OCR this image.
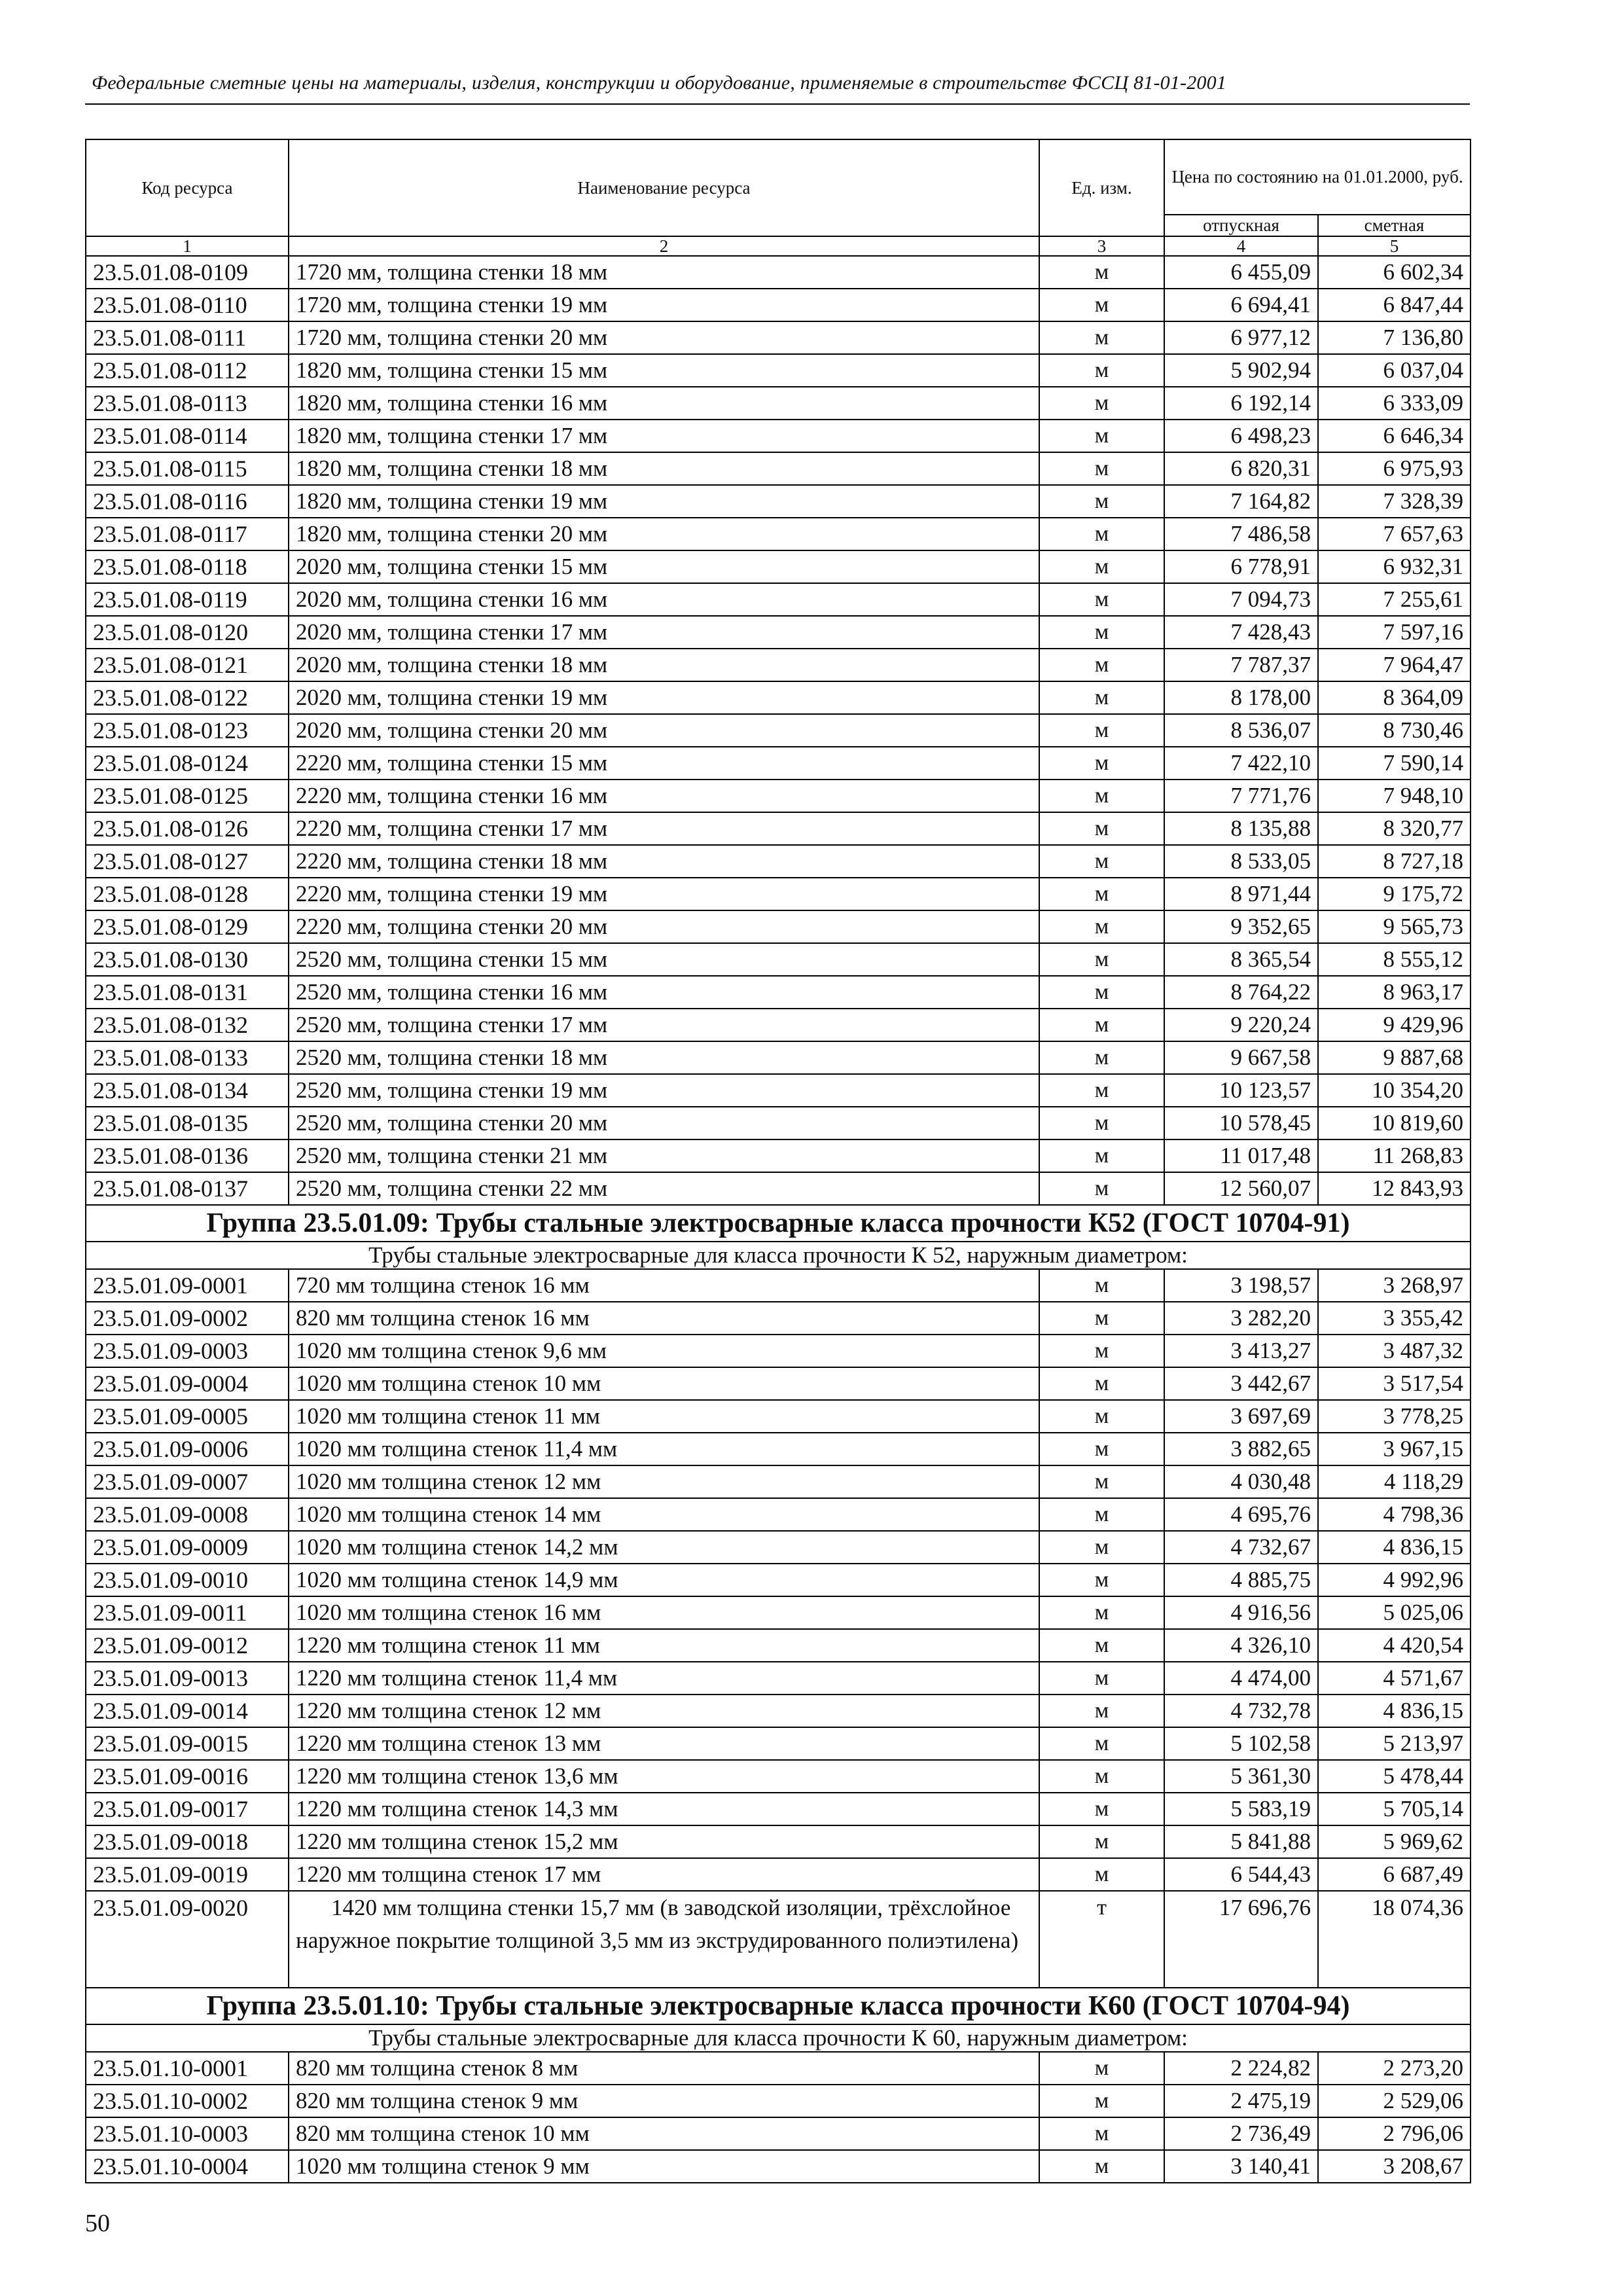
Федеральные сметные цены на материалы, изделия, конструкции и оборудование, применяемые в строительстве ФССЦ 81-01-2001
Код ресурса	Наименование ресурса	Ед. изм.	Цена по состоянию на 01.01.2000, руб.	
			отпускная	сметная
1	2	3	4	5
23.5.01.08-0109	1720 мм, толщина стенки 18 мм	м	6 455,09	6 602,34
23.5.01.08-0110	1720 мм, толщина стенки 19 мм	м	6 694,41	6 847,44
23.5.01.08-0111	1720 мм, толщина стенки 20 мм	м	6 977,12	7 136,80
23.5.01.08-0112	1820 мм, толщина стенки 15 мм	м	5 902,94	6 037,04
23.5.01.08-0113	1820 мм, толщина стенки 16 мм	м	6 192,14	6 333,09
23.5.01.08-0114	1820 мм, толщина стенки 17 мм	м	6 498,23	6 646,34
23.5.01.08-0115	1820 мм, толщина стенки 18 мм	м	6 820,31	6 975,93
23.5.01.08-0116	1820 мм, толщина стенки 19 мм	м	7 164,82	7 328,39
23.5.01.08-0117	1820 мм, толщина стенки 20 мм	м	7 486,58	7 657,63
23.5.01.08-0118	2020 мм, толщина стенки 15 мм	м	6 778,91	6 932,31
23.5.01.08-0119	2020 мм, толщина стенки 16 мм	м	7 094,73	7 255,61
23.5.01.08-0120	2020 мм, толщина стенки 17 мм	м	7 428,43	7 597,16
23.5.01.08-0121	2020 мм, толщина стенки 18 мм	м	7 787,37	7 964,47
23.5.01.08-0122	2020 мм, толщина стенки 19 мм	м	8 178,00	8 364,09
23.5.01.08-0123	2020 мм, толщина стенки 20 мм	м	8 536,07	8 730,46
23.5.01.08-0124	2220 мм, толщина стенки 15 мм	м	7 422,10	7 590,14
23.5.01.08-0125	2220 мм, толщина стенки 16 мм	м	7 771,76	7 948,10
23.5.01.08-0126	2220 мм, толщина стенки 17 мм	м	8 135,88	8 320,77
23.5.01.08-0127	2220 мм, толщина стенки 18 мм	м	8 533,05	8 727,18
23.5.01.08-0128	2220 мм, толщина стенки 19 мм	м	8 971,44	9 175,72
23.5.01.08-0129	2220 мм, толщина стенки 20 мм	м	9 352,65	9 565,73
23.5.01.08-0130	2520 мм, толщина стенки 15 мм	м	8 365,54	8 555,12
23.5.01.08-0131	2520 мм, толщина стенки 16 мм	м	8 764,22	8 963,17
23.5.01.08-0132	2520 мм, толщина стенки 17 мм	м	9 220,24	9 429,96
23.5.01.08-0133	2520 мм, толщина стенки 18 мм	м	9 667,58	9 887,68
23.5.01.08-0134	2520 мм, толщина стенки 19 мм	м	10 123,57	10 354,20
23.5.01.08-0135	2520 мм, толщина стенки 20 мм	м	10 578,45	10 819,60
23.5.01.08-0136	2520 мм, толщина стенки 21 мм	м	11 017,48	11 268,83
23.5.01.08-0137	2520 мм, толщина стенки 22 мм	м	12 560,07	12 843,93
Группа 23.5.01.09: Трубы стальные электросварные класса прочности К52 (ГОСТ 10704-91)				
Трубы стальные электросварные для класса прочности К 52, наружным диаметром:				
23.5.01.09-0001	720 мм толщина стенок 16 мм	м	3 198,57	3 268,97
23.5.01.09-0002	820 мм толщина стенок 16 мм	м	3 282,20	3 355,42
23.5.01.09-0003	1020 мм толщина стенок 9,6 мм	м	3 413,27	3 487,32
23.5.01.09-0004	1020 мм толщина стенок 10 мм	м	3 442,67	3 517,54
23.5.01.09-0005	1020 мм толщина стенок 11 мм	м	3 697,69	3 778,25
23.5.01.09-0006	1020 мм толщина стенок 11,4 мм	м	3 882,65	3 967,15
23.5.01.09-0007	1020 мм толщина стенок 12 мм	м	4 030,48	4 118,29
23.5.01.09-0008	1020 мм толщина стенок 14 мм	м	4 695,76	4 798,36
23.5.01.09-0009	1020 мм толщина стенок 14,2 мм	м	4 732,67	4 836,15
23.5.01.09-0010	1020 мм толщина стенок 14,9 мм	м	4 885,75	4 992,96
23.5.01.09-0011	1020 мм толщина стенок 16 мм	м	4 916,56	5 025,06
23.5.01.09-0012	1220 мм толщина стенок 11 мм	м	4 326,10	4 420,54
23.5.01.09-0013	1220 мм толщина стенок 11,4 мм	м	4 474,00	4 571,67
23.5.01.09-0014	1220 мм толщина стенок 12 мм	м	4 732,78	4 836,15
23.5.01.09-0015	1220 мм толщина стенок 13 мм	м	5 102,58	5 213,97
23.5.01.09-0016	1220 мм толщина стенок 13,6 мм	м	5 361,30	5 478,44
23.5.01.09-0017	1220 мм толщина стенок 14,3 мм	м	5 583,19	5 705,14
23.5.01.09-0018	1220 мм толщина стенок 15,2 мм	м	5 841,88	5 969,62
23.5.01.09-0019	1220 мм толщина стенок 17 мм	м	6 544,43	6 687,49
23.5.01.09-0020	1420 мм толщина стенки 15,7 мм (в заводской изоляции, трёхслойное наружное покрытие толщиной 3,5 мм из экструдированного полиэтилена)	т	17 696,76	18 074,36
Группа 23.5.01.10: Трубы стальные электросварные класса прочности К60 (ГОСТ 10704-94)				
Трубы стальные электросварные для класса прочности К 60, наружным диаметром:				
23.5.01.10-0001	820 мм толщина стенок 8 мм	м	2 224,82	2 273,20
23.5.01.10-0002	820 мм толщина стенок 9 мм	м	2 475,19	2 529,06
23.5.01.10-0003	820 мм толщина стенок 10 мм	м	2 736,49	2 796,06
23.5.01.10-0004	1020 мм толщина стенок 9 мм	м	3 140,41	3 208,67
50
